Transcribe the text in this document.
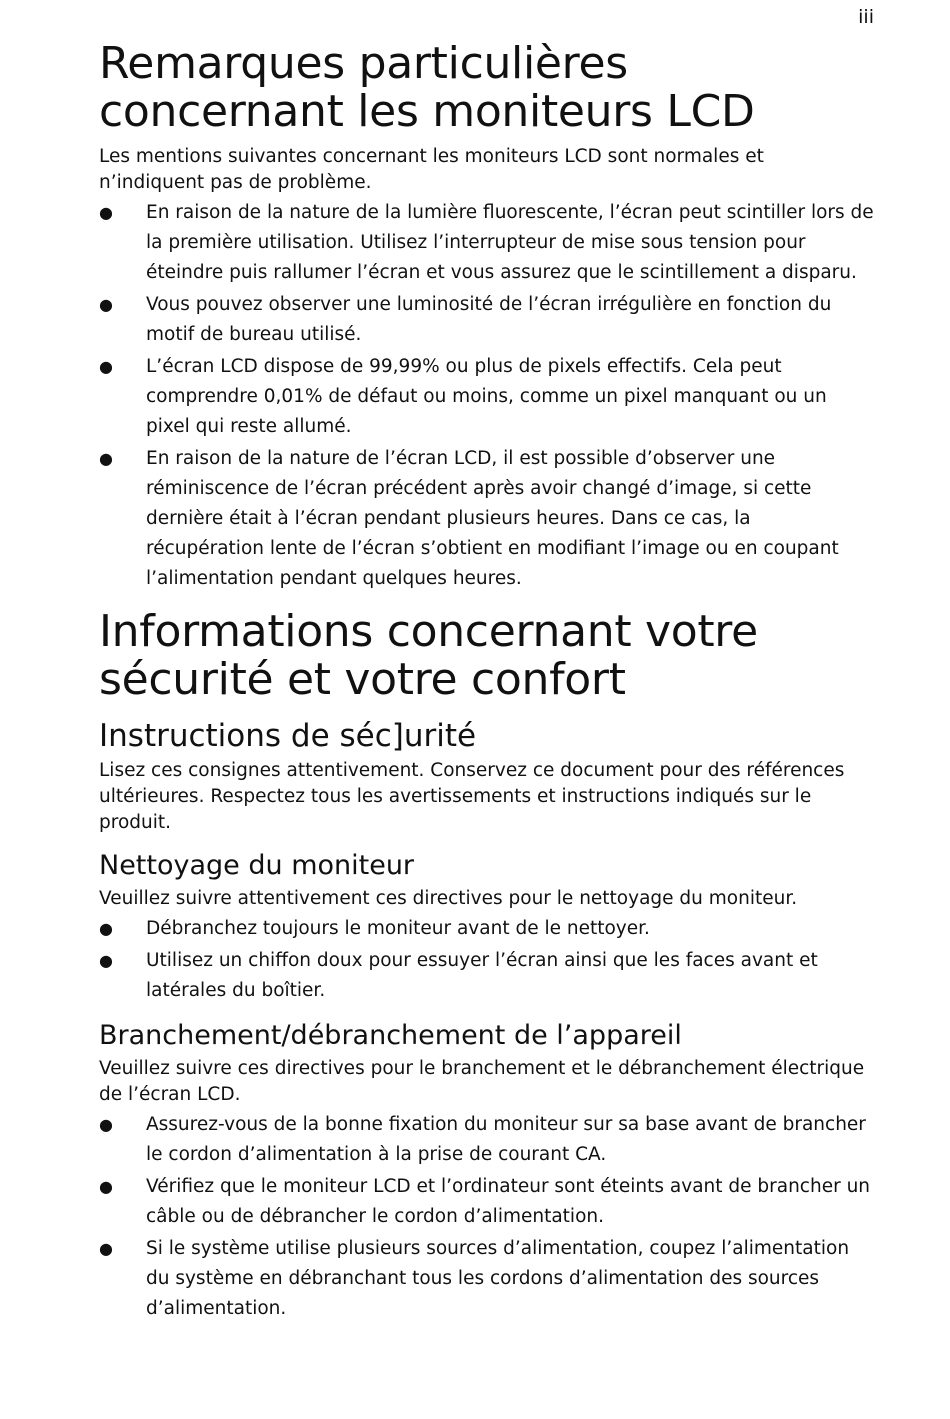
iii
Remarques particulières
concernant les moniteurs LCD

Les mentions suivantes concernant les moniteurs LCD sont normales et n’indiquent pas de problème.

● En raison de la nature de la lumière fluorescente, l’écran peut scintiller lors de la première utilisation. Utilisez l’interrupteur de mise sous tension pour éteindre puis rallumer l’écran et vous assurez que le scintillement a disparu.
● Vous pouvez observer une luminosité de l’écran irrégulière en fonction du motif de bureau utilisé.
● L’écran LCD dispose de 99,99% ou plus de pixels effectifs. Cela peut comprendre 0,01% de défaut ou moins, comme un pixel manquant ou un pixel qui reste allumé.
● En raison de la nature de l’écran LCD, il est possible d’observer une réminiscence de l’écran précédent après avoir changé d’image, si cette dernière était à l’écran pendant plusieurs heures. Dans ce cas, la récupération lente de l’écran s’obtient en modifiant l’image ou en coupant l’alimentation pendant quelques heures.
Informations concernant votre
sécurité et votre confort
Instructions de séc]urité

Lisez ces consignes attentivement. Conservez ce document pour des références ultérieures. Respectez tous les avertissements et instructions indiqués sur le produit.

Nettoyage du moniteur

Veuillez suivre attentivement ces directives pour le nettoyage du moniteur.

● Débranchez toujours le moniteur avant de le nettoyer.
● Utilisez un chiffon doux pour essuyer l’écran ainsi que les faces avant et latérales du boîtier.
Branchement/débranchement de l’appareil

Veuillez suivre ces directives pour le branchement et le débranchement électrique de l’écran LCD.

● Assurez-vous de la bonne fixation du moniteur sur sa base avant de brancher le cordon d’alimentation à la prise de courant CA.
● Vérifiez que le moniteur LCD et l’ordinateur sont éteints avant de brancher un câble ou de débrancher le cordon d’alimentation.
● Si le système utilise plusieurs sources d’alimentation, coupez l’alimentation du système en débranchant tous les cordons d’alimentation des sources d’alimentation.
